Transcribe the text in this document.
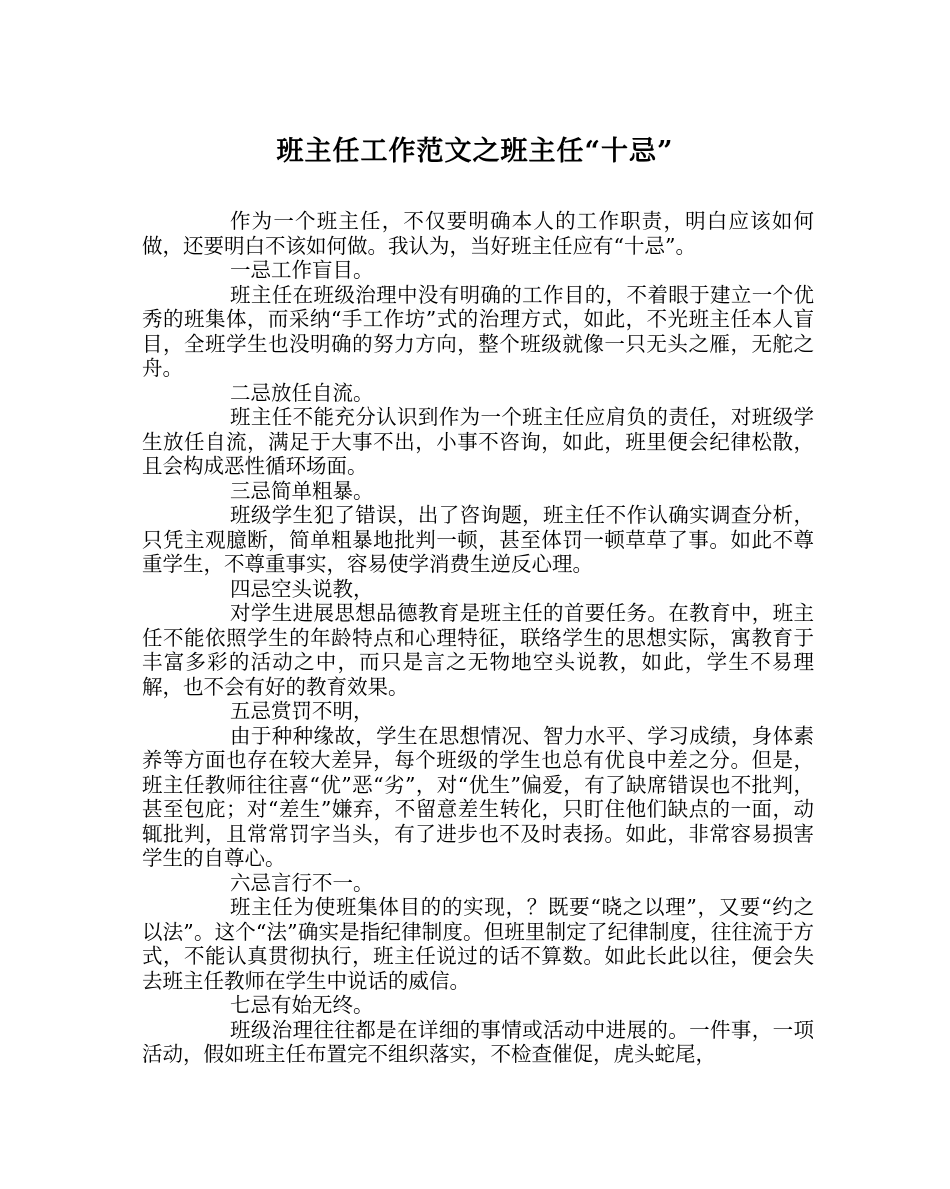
班主任工作范文之班主任“十忌”

作为一个班主任，不仅要明确本人的工作职责，明白应该如何做，还要明白不该如何做。我认为，当好班主任应有“十忌”。

一忌工作盲目。

班主任在班级治理中没有明确的工作目的，不着眼于建立一个优秀的班集体，而采纳“手工作坊”式的治理方式，如此，不光班主任本人盲目，全班学生也没明确的努力方向，整个班级就像一只无头之雁，无舵之舟。

二忌放任自流。

班主任不能充分认识到作为一个班主任应肩负的责任，对班级学生放任自流，满足于大事不出，小事不咨询，如此，班里便会纪律松散，且会构成恶性循环场面。

三忌简单粗暴。

班级学生犯了错误，出了咨询题，班主任不作认确实调查分析，只凭主观臆断，简单粗暴地批判一顿，甚至体罚一顿草草了事。如此不尊重学生，不尊重事实，容易使学消费生逆反心理。

四忌空头说教，

对学生进展思想品德教育是班主任的首要任务。在教育中，班主任不能依照学生的年龄特点和心理特征，联络学生的思想实际，寓教育于丰富多彩的活动之中，而只是言之无物地空头说教，如此，学生不易理解，也不会有好的教育效果。

五忌赏罚不明，

由于种种缘故，学生在思想情况、智力水平、学习成绩，身体素养等方面也存在较大差异，每个班级的学生也总有优良中差之分。但是，班主任教师往往喜“优”恶“劣”，对“优生”偏爱，有了缺席错误也不批判，甚至包庇；对“差生”嫌弃，不留意差生转化，只盯住他们缺点的一面，动辄批判，且常常罚字当头，有了进步也不及时表扬。如此，非常容易损害学生的自尊心。

六忌言行不一。

班主任为使班集体目的的实现，？既要“晓之以理”，又要“约之以法”。这个“法”确实是指纪律制度。但班里制定了纪律制度，往往流于方式，不能认真贯彻执行，班主任说过的话不算数。如此长此以往，便会失去班主任教师在学生中说话的威信。

七忌有始无终。

班级治理往往都是在详细的事情或活动中进展的。一件事，一项活动，假如班主任布置完不组织落实，不检查催促，虎头蛇尾，
